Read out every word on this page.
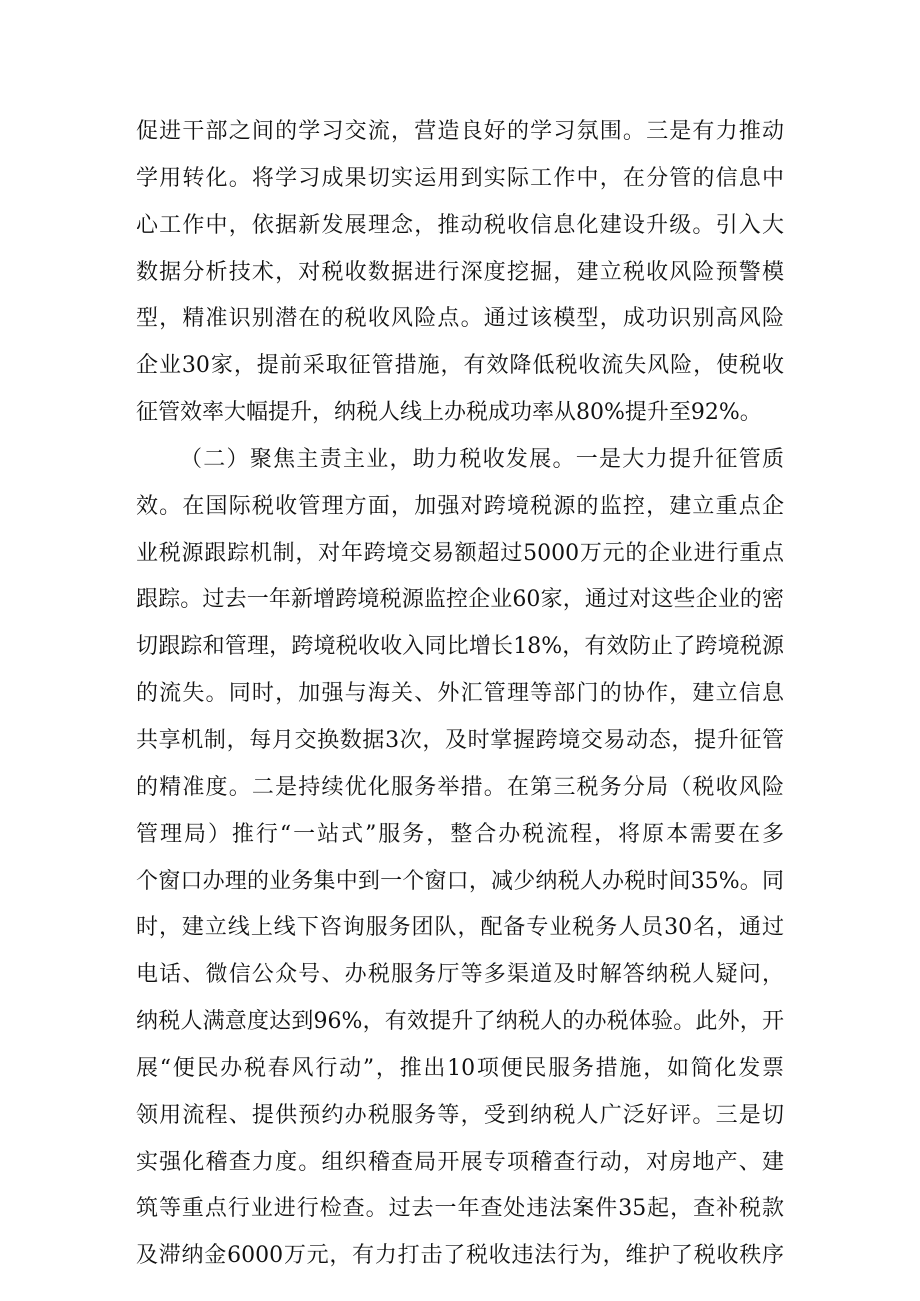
促进干部之间的学习交流，营造良好的学习氛围。三是有力推动
学用转化。将学习成果切实运用到实际工作中，在分管的信息中
心工作中，依据新发展理念，推动税收信息化建设升级。引入大
数据分析技术，对税收数据进行深度挖掘，建立税收风险预警模
型，精准识别潜在的税收风险点。通过该模型，成功识别高风险
企业30家，提前采取征管措施，有效降低税收流失风险，使税收
征管效率大幅提升，纳税人线上办税成功率从80%提升至92%。
（二）聚焦主责主业，助力税收发展。一是大力提升征管质
效。在国际税收管理方面，加强对跨境税源的监控，建立重点企
业税源跟踪机制，对年跨境交易额超过5000万元的企业进行重点
跟踪。过去一年新增跨境税源监控企业60家，通过对这些企业的密
切跟踪和管理，跨境税收收入同比增长18%，有效防止了跨境税源
的流失。同时，加强与海关、外汇管理等部门的协作，建立信息
共享机制，每月交换数据3次，及时掌握跨境交易动态，提升征管
的精准度。二是持续优化服务举措。在第三税务分局（税收风险
管理局）推行“一站式”服务，整合办税流程，将原本需要在多
个窗口办理的业务集中到一个窗口，减少纳税人办税时间35%。同
时，建立线上线下咨询服务团队，配备专业税务人员30名，通过
电话、微信公众号、办税服务厅等多渠道及时解答纳税人疑问，
纳税人满意度达到96%，有效提升了纳税人的办税体验。此外，开
展“便民办税春风行动”，推出10项便民服务措施，如简化发票
领用流程、提供预约办税服务等，受到纳税人广泛好评。三是切
实强化稽查力度。组织稽查局开展专项稽查行动，对房地产、建
筑等重点行业进行检查。过去一年查处违法案件35起，查补税款
及滞纳金6000万元，有力打击了税收违法行为，维护了税收秩序
